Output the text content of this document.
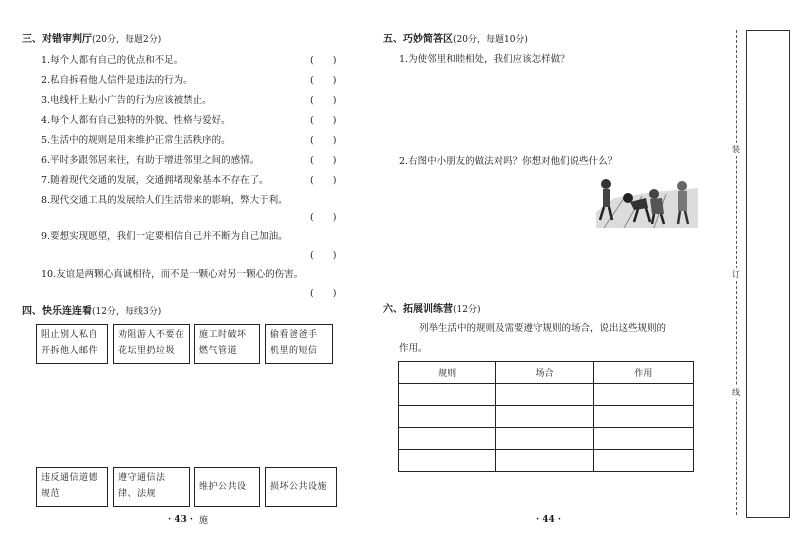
三、对错审判厅(20分，每题2分)
1.每个人都有自己的优点和不足。	(　　)
2.私自拆看他人信件是违法的行为。	(　　)
3.电线杆上贴小广告的行为应该被禁止。	(　　)
4.每个人都有自己独特的外貌、性格与爱好。	(　　)
5.生活中的规则是用来维护正常生活秩序的。	(　　)
6.平时多跟邻居来往，有助于增进邻里之间的感情。	(　　)
7.随着现代交通的发展，交通拥堵现象基本不存在了。	(　　)
8.现代交通工具的发展给人们生活带来的影响，弊大于利。
(　　)
9.要想实现愿望，我们一定要相信自己并不断为自己加油。
(　　)
10.友谊是两颗心真诚相待，而不是一颗心对另一颗心的伤害。
(　　)
四、快乐连连看(12分，每线3分)
阻止别人私自
开拆他人邮件
劝阻游人不要在
花坛里扔垃圾
施工时破坏
燃气管道
偷看爸爸手
机里的短信
违反通信道德
规范
遵守通信法
律、法规
维护公共设施
损坏公共设施
· 43 ·
五、巧妙简答区(20分，每题10分)
1.为使邻里和睦相处，我们应该怎样做？
2.右图中小朋友的做法对吗？你想对他们说些什么？
六、拓展训练营(12分)
列举生活中的规则及需要遵守规则的场合，说出这些规则的
作用。
规则	场合	作用

· 44 ·
装
订
线
